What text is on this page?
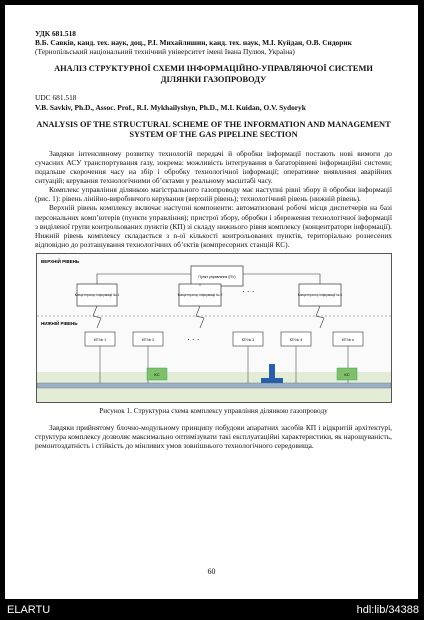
УДК 681.518

В.Б. Савків, канд. тех. наук, доц., Р.І. Михайлишин, канд. тех. наук, М.І. Куйдан, О.В. Сидорик

(Тернопільський національний технічний університет імені Івана Пулюя, Україна)

АНАЛІЗ СТРУКТУРНОЇ СХЕМИ ІНФОРМАЦІЙНО-УПРАВЛЯЮЧОЇ СИСТЕМИ ДІЛЯНКИ ГАЗОПРОВОДУ

UDC 681.518

V.B. Savkiv, Ph.D., Assoc. Prof., R.I. Mykhailyshyn, Ph.D., M.I. Kuidan, O.V. Sydoryk

ANALYSIS OF THE STRUCTURAL SCHEME OF THE INFORMATION AND MANAGEMENT SYSTEM OF THE GAS PIPELINE SECTION

Завдяки інтенсивному розвитку технологій передачі й обробки інформації постають нові вимоги до сучасних АСУ транспортування газу, зокрема: можливість інтегрування в багаторівневі інформаційні системи; подальше скорочення часу на збір і обробку технологічної інформації; оперативне виявлення аварійних ситуацій; керування технологічними об’єктами у реальному масштабі часу.

Комплекс управління ділянкою магістрального газопроводу має наступні рівні збору й обробки інформації (рис. 1): рівень лінійно-виробничого керування (верхній рівень); технологічний рівень (нижній рівень).

Верхній рівень комплексу включає наступні компоненти: автоматизовані робочі місця диспетчерів на базі персональних комп’ютерів (пункти управління); пристрої збору, обробки і збереження технологічної інформації з виділеної групи контрольованих пунктів (КП) зі складу нижнього рівня комплексу (концентратори інформації). Нижній рівень комплексу складається з n-ої кількості контрольованих пунктів, територіально рознесених відповідно до розташування технологічних об’єктів (компресорних станцій КС).

ВЕРХНІЙ РІВЕНЬ
НИЖНІЙ РІВЕНЬ
Пункт управління (ПУ)
Концентратор інформації № 1	Концентратор інформації № 2	Концентратор інформації № k
· · ·
КП № 1	КП № 2	КП № 3	КП № 4	КП № n
· · ·
КС	КС

Рисунок 1. Структурна схема комплексу управління ділянкою газопроводу

Завдяки прийнятому блочно-модульному принципу побудови апаратних засобів КП і відкритій архітектурі, структура комплексу дозволяє максимально оптимізувати такі експлуатаційні характеристики, як нарощуваність, ремонтоздатність і стійкість до мінливих умов зовнішнього технологічного середовища.

60
ELARTU	hdl:lib/34388
